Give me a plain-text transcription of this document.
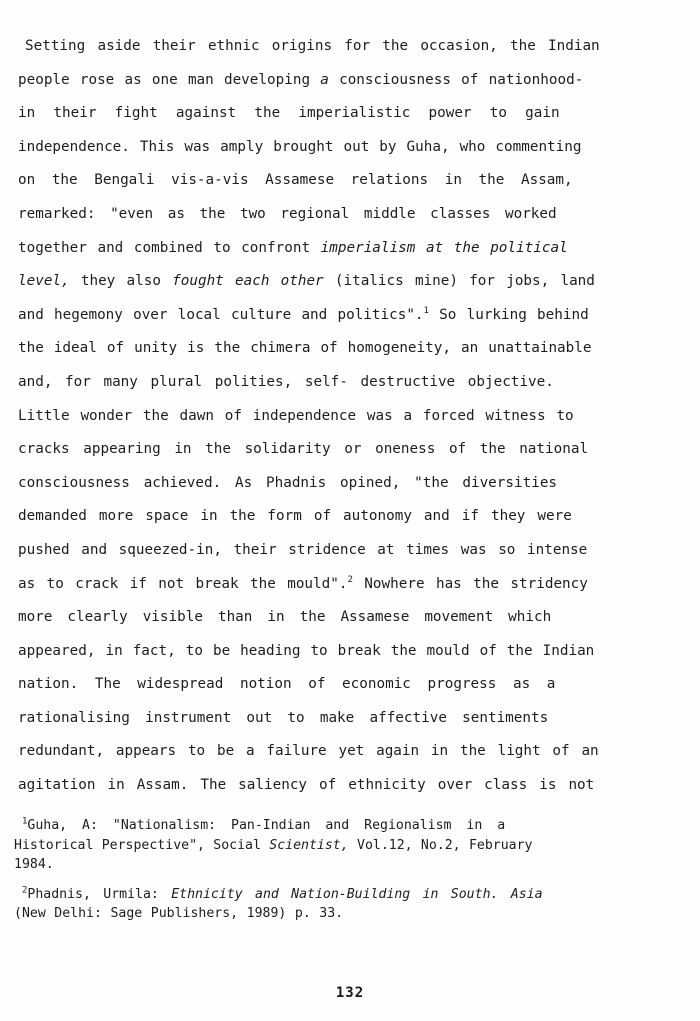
Setting aside their ethnic origins for the occasion, the Indian
people rose as one man developing a consciousness of nationhood-
in their fight against the imperialistic power to gain
independence. This was amply brought out by Guha, who commenting
on the Bengali vis-a-vis Assamese relations in the Assam,
remarked: "even as the two regional middle classes worked
together and combined to confront imperialism at the political
level, they also fought each other (italics mine) for jobs, land
and hegemony over local culture and politics".$^1$ So lurking behind
the ideal of unity is the chimera of homogeneity, an unattainable
and, for many plural polities, self- destructive objective.
Little wonder the dawn of independence was a forced witness to
cracks appearing in the solidarity or oneness of the national
consciousness achieved. As Phadnis opined, "the diversities
demanded more space in the form of autonomy and if they were
pushed and squeezed-in, their stridence at times was so intense
as to crack if not break the mould".$^2$ Nowhere has the stridency
more clearly visible than in the Assamese movement which
appeared, in fact, to be heading to break the mould of the Indian
nation. The widespread notion of economic progress as a
rationalising instrument out to make affective sentiments
redundant, appears to be a failure yet again in the light of an
agitation in Assam. The saliency of ethnicity over class is not
$^1$Guha, A: "Nationalism: Pan-Indian and Regionalism in a
Historical Perspective", Social Scientist, Vol.12, No.2, February
1984.
$^2$Phadnis, Urmila: Ethnicity and Nation-Building in South. Asia
(New Delhi: Sage Publishers, 1989) p. 33.
132
